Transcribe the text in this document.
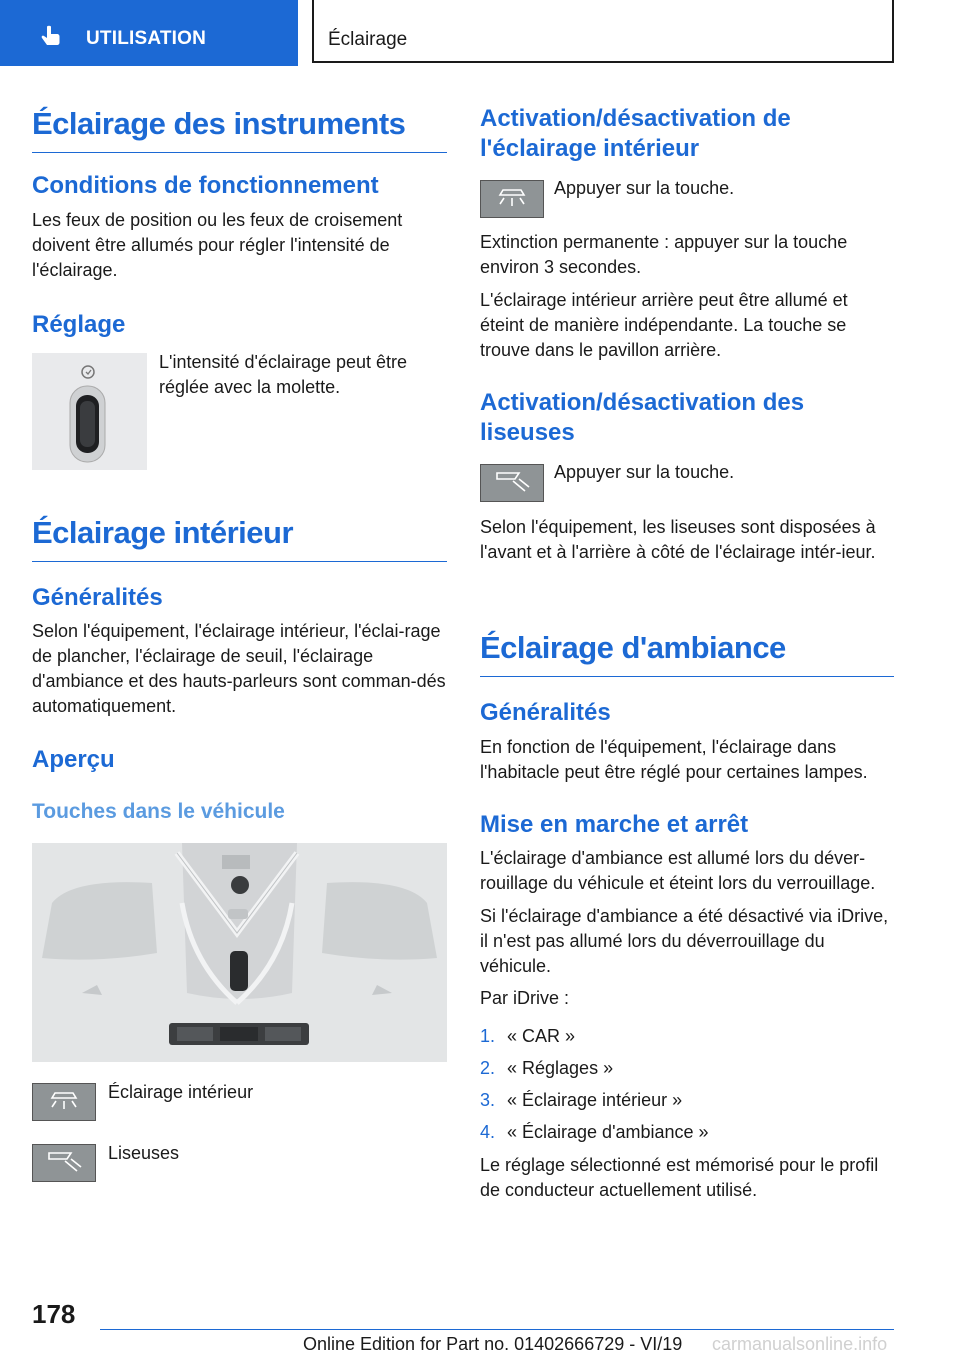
UTILISATION	Éclairage
Éclairage des instruments
Conditions de fonctionnement

Les feux de position ou les feux de croisement doivent être allumés pour régler l'intensité de l'éclairage.

Réglage

L'intensité d'éclairage peut être réglée avec la molette.

Éclairage intérieur
Généralités

Selon l'équipement, l'éclairage intérieur, l'éclai-rage de plancher, l'éclairage de seuil, l'éclairage d'ambiance et des hauts-parleurs sont comman-dés automatiquement.

Aperçu
Touches dans le véhicule

Éclairage intérieur

Liseuses

Activation/désactivation de l'éclairage intérieur

Appuyer sur la touche.

Extinction permanente : appuyer sur la touche environ 3 secondes.

L'éclairage intérieur arrière peut être allumé et éteint de manière indépendante. La touche se trouve dans le pavillon arrière.

Activation/désactivation des liseuses

Appuyer sur la touche.

Selon l'équipement, les liseuses sont disposées à l'avant et à l'arrière à côté de l'éclairage intér-ieur.

Éclairage d'ambiance
Généralités

En fonction de l'équipement, l'éclairage dans l'habitacle peut être réglé pour certaines lampes.

Mise en marche et arrêt

L'éclairage d'ambiance est allumé lors du déver-rouillage du véhicule et éteint lors du verrouillage.

Si l'éclairage d'ambiance a été désactivé via iDrive, il n'est pas allumé lors du déverrouillage du véhicule.

Par iDrive :

1. « CAR »

2. « Réglages »

3. « Éclairage intérieur »

4. « Éclairage d'ambiance »

Le réglage sélectionné est mémorisé pour le profil de conducteur actuellement utilisé.

178
Online Edition for Part no. 01402666729 - VI/19 carmanualsonline.info
